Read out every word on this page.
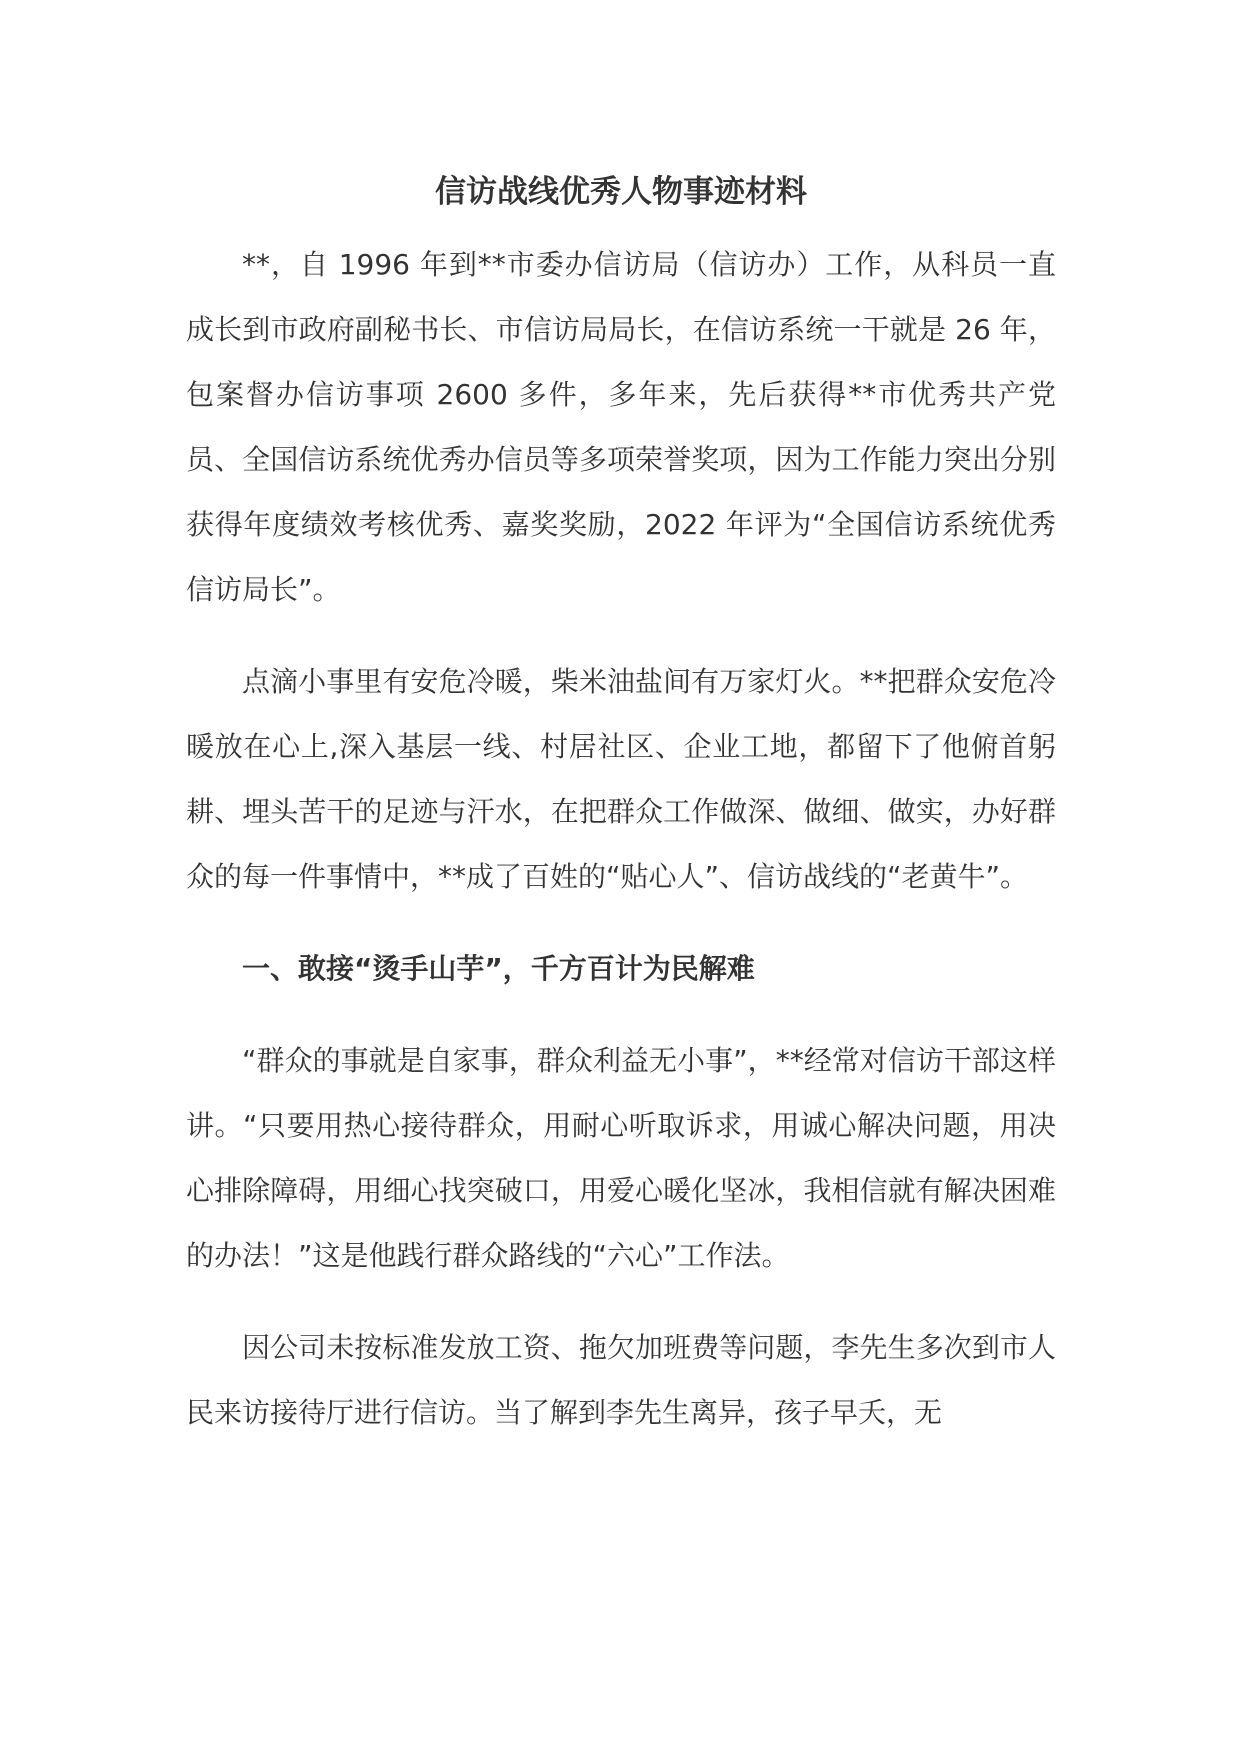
信访战线优秀人物事迹材料

**，自 1996 年到**市委办信访局（信访办）工作，从科员一直成长到市政府副秘书长、市信访局局长，在信访系统一干就是 26 年，包案督办信访事项 2600 多件，多年来，先后获得**市优秀共产党员、全国信访系统优秀办信员等多项荣誉奖项，因为工作能力突出分别获得年度绩效考核优秀、嘉奖奖励，2022 年评为“全国信访系统优秀信访局长”。

点滴小事里有安危冷暖，柴米油盐间有万家灯火。**把群众安危冷暖放在心上,深入基层一线、村居社区、企业工地，都留下了他俯首躬耕、埋头苦干的足迹与汗水，在把群众工作做深、做细、做实，办好群众的每一件事情中，**成了百姓的“贴心人”、信访战线的“老黄牛”。

一、敢接“烫手山芋”，千方百计为民解难

“群众的事就是自家事，群众利益无小事”，**经常对信访干部这样讲。“只要用热心接待群众，用耐心听取诉求，用诚心解决问题，用决心排除障碍，用细心找突破口，用爱心暖化坚冰，我相信就有解决困难的办法！”这是他践行群众路线的“六心”工作法。

因公司未按标准发放工资、拖欠加班费等问题，李先生多次到市人民来访接待厅进行信访。当了解到李先生离异，孩子早夭，无
